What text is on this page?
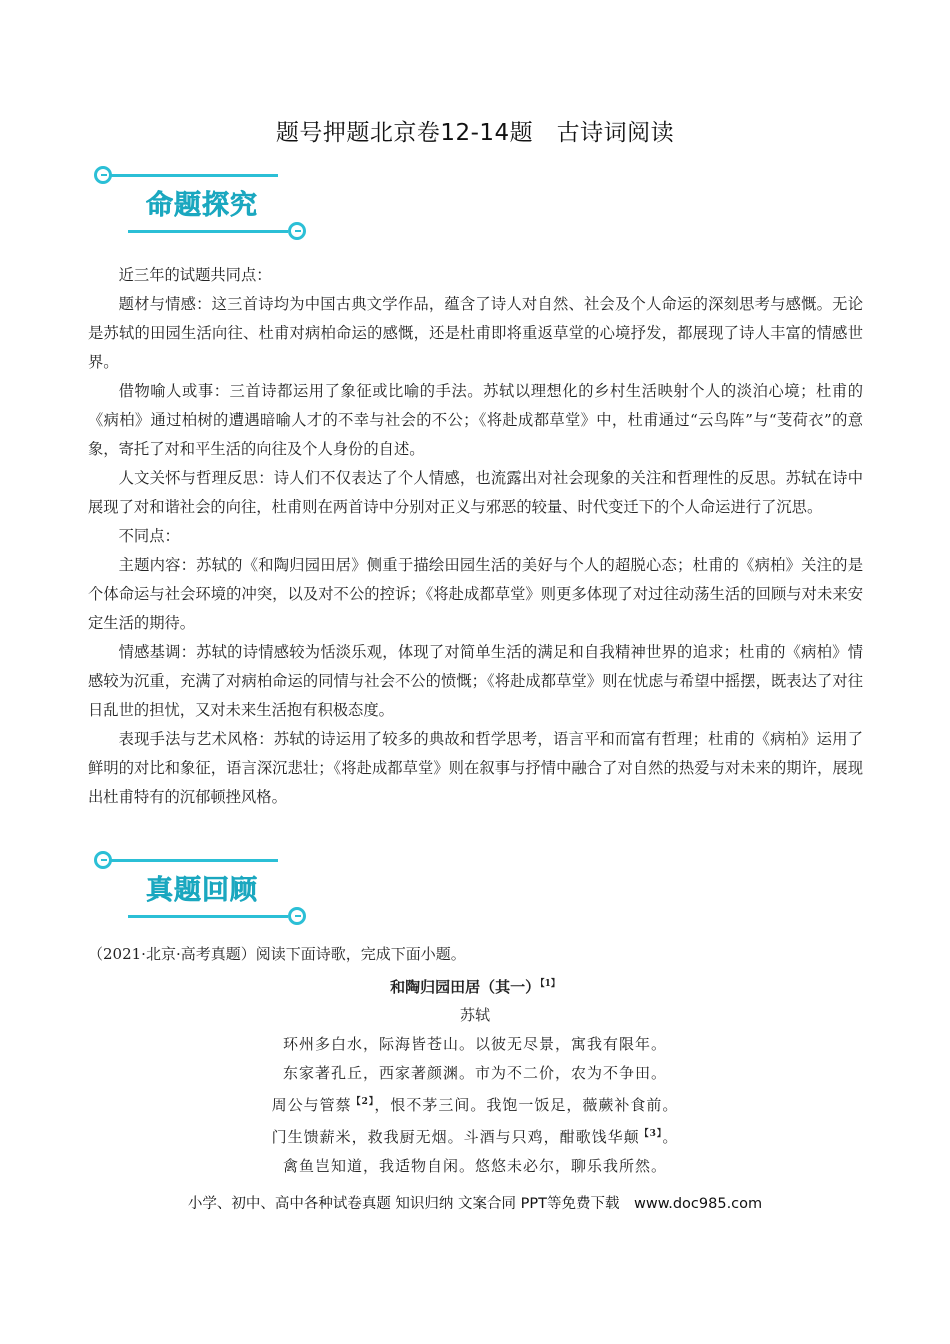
题号押题北京卷12-14题　古诗词阅读
命题探究

近三年的试题共同点：

题材与情感：这三首诗均为中国古典文学作品，蕴含了诗人对自然、社会及个人命运的深刻思考与感慨。无论是苏轼的田园生活向往、杜甫对病柏命运的感慨，还是杜甫即将重返草堂的心境抒发，都展现了诗人丰富的情感世界。

借物喻人或事：三首诗都运用了象征或比喻的手法。苏轼以理想化的乡村生活映射个人的淡泊心境；杜甫的《病柏》通过柏树的遭遇暗喻人才的不幸与社会的不公；《将赴成都草堂》中，杜甫通过“云鸟阵”与“芰荷衣”的意象，寄托了对和平生活的向往及个人身份的自述。

人文关怀与哲理反思：诗人们不仅表达了个人情感，也流露出对社会现象的关注和哲理性的反思。苏轼在诗中展现了对和谐社会的向往，杜甫则在两首诗中分别对正义与邪恶的较量、时代变迁下的个人命运进行了沉思。

不同点：

主题内容：苏轼的《和陶归园田居》侧重于描绘田园生活的美好与个人的超脱心态；杜甫的《病柏》关注的是个体命运与社会环境的冲突，以及对不公的控诉；《将赴成都草堂》则更多体现了对过往动荡生活的回顾与对未来安定生活的期待。

情感基调：苏轼的诗情感较为恬淡乐观，体现了对简单生活的满足和自我精神世界的追求；杜甫的《病柏》情感较为沉重，充满了对病柏命运的同情与社会不公的愤慨；《将赴成都草堂》则在忧虑与希望中摇摆，既表达了对往日乱世的担忧，又对未来生活抱有积极态度。

表现手法与艺术风格：苏轼的诗运用了较多的典故和哲学思考，语言平和而富有哲理；杜甫的《病柏》运用了鲜明的对比和象征，语言深沉悲壮；《将赴成都草堂》则在叙事与抒情中融合了对自然的热爱与对未来的期许，展现出杜甫特有的沉郁顿挫风格。

真题回顾
（2021·北京·高考真题）阅读下面诗歌，完成下面小题。
和陶归园田居（其一）$^{【1】}$
苏轼
环州多白水，际海皆苍山。以彼无尽景，寓我有限年。
东家著孔丘，西家著颜渊。市为不二价，农为不争田。
周公与管蔡$^{【2】}$，恨不茅三间。我饱一饭足，薇蕨补食前。
门生馈薪米，救我厨无烟。斗酒与只鸡，酣歌饯华颠$^{【3】}$。
禽鱼岂知道，我适物自闲。悠悠未必尔，聊乐我所然。
小学、初中、高中各种试卷真题 知识归纳 文案合同 PPT等免费下载　www.doc985.com
